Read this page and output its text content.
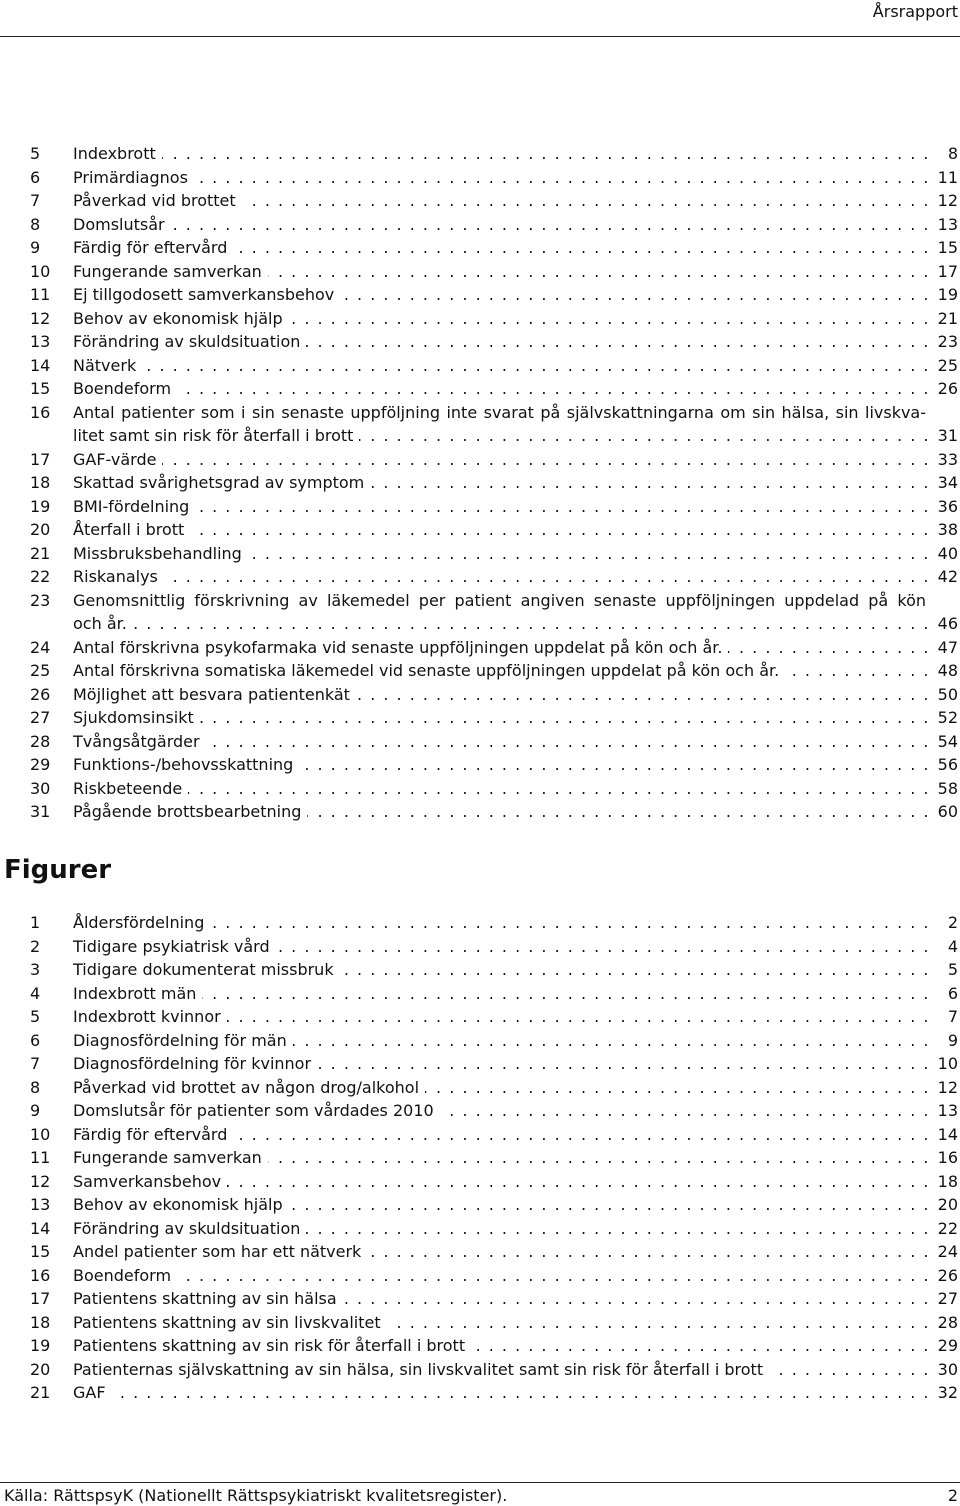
Årsrapport
5	Indexbrott . . .	8
6	Primärdiagnos . . .	11
7	Påverkad vid brottet . . .	12
8	Domslutsår . . .	13
9	Färdig för eftervård . . .	15
10	Fungerande samverkan . . .	17
11	Ej tillgodosett samverkansbehov . . .	19
12	Behov av ekonomisk hjälp . . .	21
13	Förändring av skuldsituation . . .	23
14	Nätverk . . .	25
15	Boendeform . . .	26
16	Antal patienter som i sin senaste uppföljning inte svarat på självskattningarna om sin hälsa, sin livskva-
litet samt sin risk för återfall i brott . . .	31
17	GAF-värde . . .	33
18	Skattad svårighetsgrad av symptom . . .	34
19	BMI-fördelning . . .	36
20	Återfall i brott . . .	38
21	Missbruksbehandling . . .	40
22	Riskanalys . . .	42
23	Genomsnittlig förskrivning av läkemedel per patient angiven senaste uppföljningen uppdelad på kön
och år. . . .	46
24	Antal förskrivna psykofarmaka vid senaste uppföljningen uppdelat på kön och år. . . .	47
25	Antal förskrivna somatiska läkemedel vid senaste uppföljningen uppdelat på kön och år. . . .	48
26	Möjlighet att besvara patientenkät . . .	50
27	Sjukdomsinsikt . . .	52
28	Tvångsåtgärder . . .	54
29	Funktions-/behovsskattning . . .	56
30	Riskbeteende . . .	58
31	Pågående brottsbearbetning . . .	60
Figurer
1	Åldersfördelning . . .	2
2	Tidigare psykiatrisk vård . . .	4
3	Tidigare dokumenterat missbruk . . .	5
4	Indexbrott män . . .	6
5	Indexbrott kvinnor . . .	7
6	Diagnosfördelning för män . . .	9
7	Diagnosfördelning för kvinnor . . .	10
8	Påverkad vid brottet av någon drog/alkohol . . .	12
9	Domslutsår för patienter som vårdades 2010 . . .	13
10	Färdig för eftervård . . .	14
11	Fungerande samverkan . . .	16
12	Samverkansbehov . . .	18
13	Behov av ekonomisk hjälp . . .	20
14	Förändring av skuldsituation . . .	22
15	Andel patienter som har ett nätverk . . .	24
16	Boendeform . . .	26
17	Patientens skattning av sin hälsa . . .	27
18	Patientens skattning av sin livskvalitet . . .	28
19	Patientens skattning av sin risk för återfall i brott . . .	29
20	Patienternas självskattning av sin hälsa, sin livskvalitet samt sin risk för återfall i brott . . .	30
21	GAF . . .	32
Källa: RättspsyK (Nationellt Rättspsykiatriskt kvalitetsregister).	2
